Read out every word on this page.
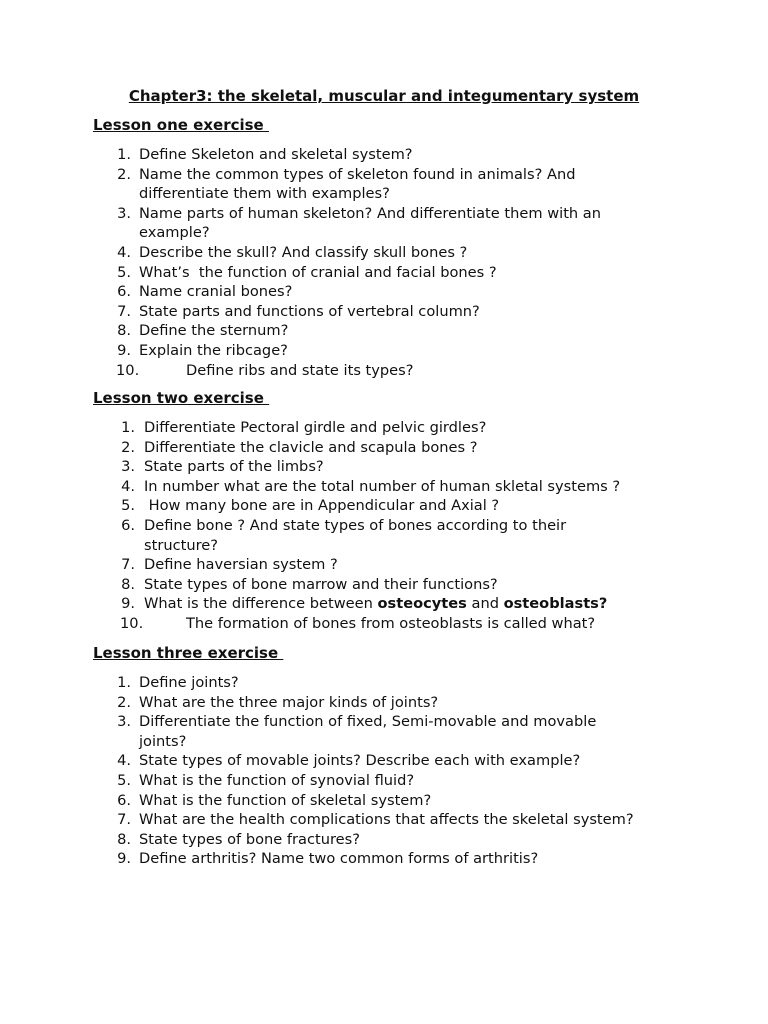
Chapter3: the skeletal, muscular and integumentary system
Lesson one exercise
1. Define Skeleton and skeletal system?
2. Name the common types of skeleton found in animals? And differentiate them with examples?
3. Name parts of human skeleton? And differentiate them with an example?
4. Describe the skull? And classify skull bones ?
5. What’s  the function of cranial and facial bones ?
6. Name cranial bones?
7. State parts and functions of vertebral column?
8. Define the sternum?
9. Explain the ribcage?
10.	Define ribs and state its types?
Lesson two exercise
1. Differentiate Pectoral girdle and pelvic girdles?
2. Differentiate the clavicle and scapula bones ?
3. State parts of the limbs?
4. In number what are the total number of human skletal systems ?
5. How many bone are in Appendicular and Axial ?
6. Define bone ? And state types of bones according to their structure?
7. Define haversian system ?
8. State types of bone marrow and their functions?
9. What is the difference between osteocytes and osteoblasts?
10.	The formation of bones from osteoblasts is called what?
Lesson three exercise
1. Define joints?
2. What are the three major kinds of joints?
3. Differentiate the function of fixed, Semi-movable and movable joints?
4. State types of movable joints? Describe each with example?
5. What is the function of synovial fluid?
6. What is the function of skeletal system?
7. What are the health complications that affects the skeletal system?
8. State types of bone fractures?
9. Define arthritis? Name two common forms of arthritis?
